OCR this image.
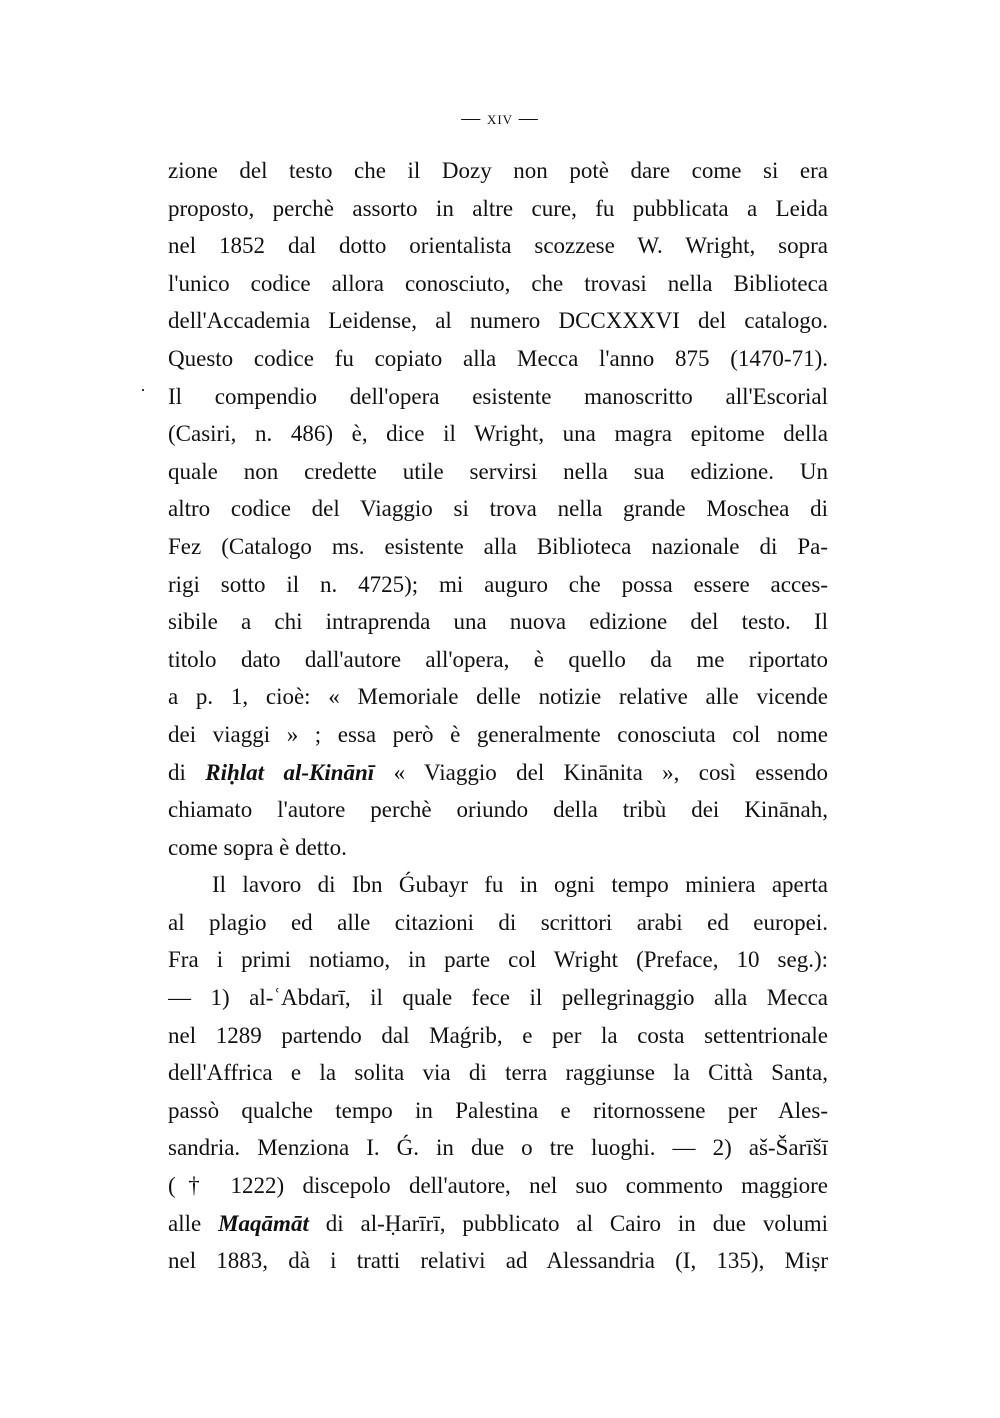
— xiv —
·
zione del testo che il Dozy non potè dare come si era
proposto, perchè assorto in altre cure, fu pubblicata a Leida
nel 1852 dal dotto orientalista scozzese W. Wright, sopra
l'unico codice allora conosciuto, che trovasi nella Biblioteca
dell'Accademia Leidense, al numero DCCXXXVI del catalogo.
Questo codice fu copiato alla Mecca l'anno 875 (1470-71).
Il compendio dell'opera esistente manoscritto all'Escorial
(Casiri, n. 486) è, dice il Wright, una magra epitome della
quale non credette utile servirsi nella sua edizione. Un
altro codice del Viaggio si trova nella grande Moschea di
Fez (Catalogo ms. esistente alla Biblioteca nazionale di Pa-
rigi sotto il n. 4725); mi auguro che possa essere acces-
sibile a chi intraprenda una nuova edizione del testo. Il
titolo dato dall'autore all'opera, è quello da me riportato
a p. 1, cioè: « Memoriale delle notizie relative alle vicende
dei viaggi » ; essa però è generalmente conosciuta col nome
di Riḥlat al-Kinānī « Viaggio del Kinānita », così essendo
chiamato l'autore perchè oriundo della tribù dei Kinānah,
come sopra è detto.
Il lavoro di Ibn Ǵubayr fu in ogni tempo miniera aperta
al plagio ed alle citazioni di scrittori arabi ed europei.
Fra i primi notiamo, in parte col Wright (Preface, 10 seg.):
— 1) al-ʿAbdarī, il quale fece il pellegrinaggio alla Mecca
nel 1289 partendo dal Maǵrib, e per la costa settentrionale
dell'Affrica e la solita via di terra raggiunse la Città Santa,
passò qualche tempo in Palestina e ritornossene per Ales-
sandria. Menziona I. Ǵ. in due o tre luoghi. — 2) aš-Šarīšī
(† 1222) discepolo dell'autore, nel suo commento maggiore
alle Maqāmāt di al-Ḥarīrī, pubblicato al Cairo in due volumi
nel 1883, dà i tratti relativi ad Alessandria (I, 135), Miṣr
